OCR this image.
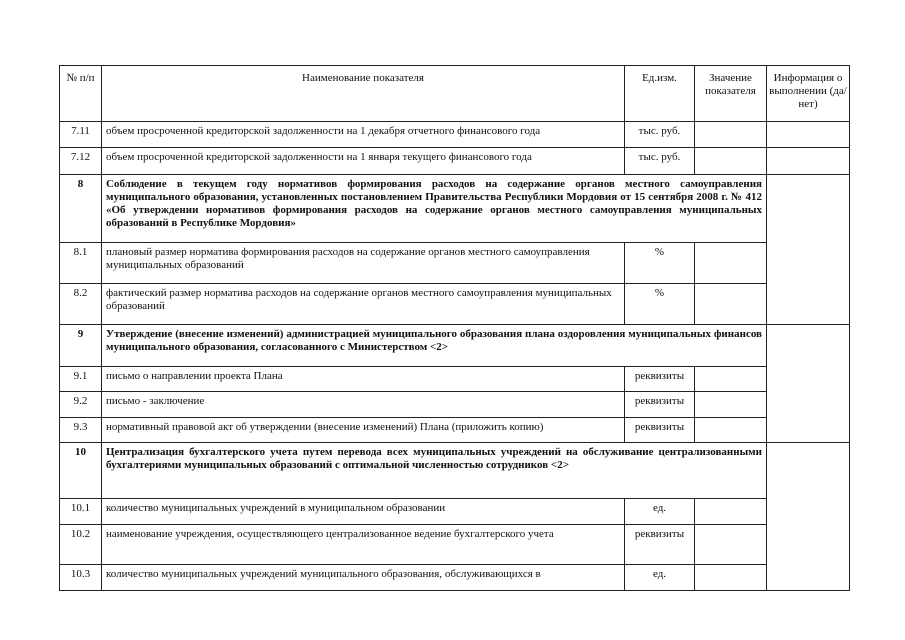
№ п/п	Наименование показателя	Ед.изм.	Значение показателя	Информация о выполнении (да/ нет)
7.11	объем просроченной кредиторской задолженности на 1 декабря отчетного финансового года	тыс. руб.		
7.12	объем просроченной кредиторской задолженности на 1 января текущего финансового года	тыс. руб.		
8	Соблюдение в текущем году нормативов формирования расходов на содержание органов местного самоуправления муниципального образования, установленных постановлением Правительства Республики Мордовия от 15 сентября 2008 г. № 412 «Об утверждении нормативов формирования расходов на содержание органов местного самоуправления муниципальных образований в Республике Мордовия»			
8.1	плановый размер норматива формирования расходов на содержание органов местного самоуправления муниципальных образований	%		
8.2	фактический размер норматива расходов на содержание органов местного самоуправления муниципальных образований	%		
9	Утверждение (внесение изменений) администрацией муниципального образования плана оздоровления муниципальных финансов муниципального образования, согласованного с Министерством <2>			
9.1	письмо о направлении проекта Плана	реквизиты		
9.2	письмо - заключение	реквизиты		
9.3	нормативный правовой акт об утверждении (внесение изменений) Плана (приложить копию)	реквизиты		
10	Централизация бухгалтерского учета путем перевода всех муниципальных учреждений на обслуживание централизованными бухгалтериями муниципальных образований с оптимальной численностью сотрудников <2>			
10.1	количество муниципальных учреждений в муниципальном образовании	ед.		
10.2	наименование учреждения, осуществляющего централизованное ведение бухгалтерского учета	реквизиты		
10.3	количество муниципальных учреждений муниципального образования, обслуживающихся в	ед.		
